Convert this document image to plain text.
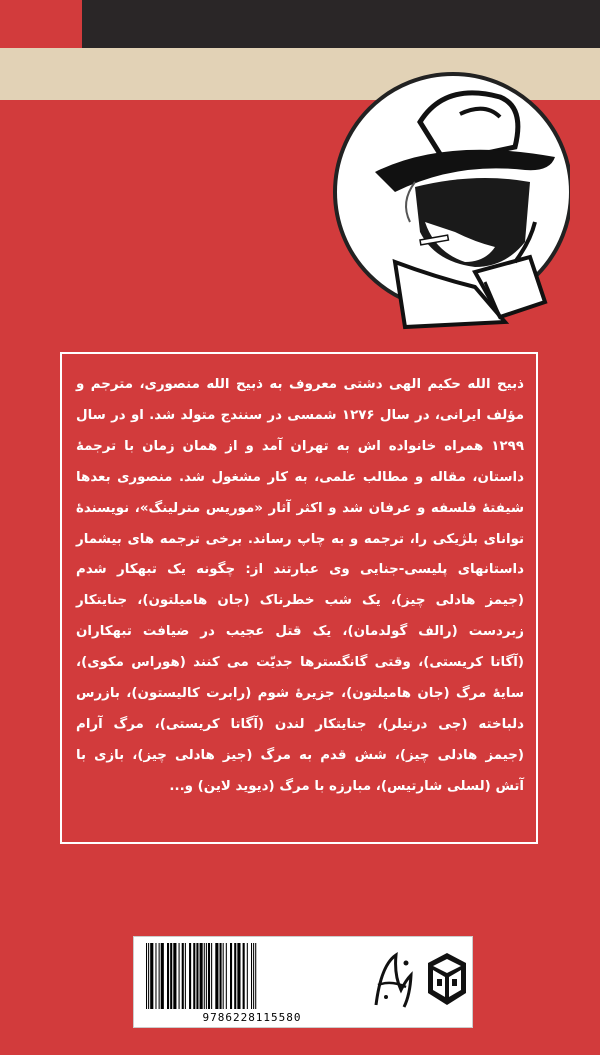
ذبیح الله حکیم الهی دشتی معروف به ذبیح الله منصوری، مترجم و
مؤلف ایرانی، در سال ۱۲۷۶ شمسی در سنندج متولد شد. او در سال
۱۲۹۹ همراه خانواده اش به تهران آمد و از همان زمان با ترجمهٔ
داستان، مقاله و مطالب علمی، به کار مشغول شد. منصوری بعدها
شیفتهٔ فلسفه و عرفان شد و اکثر آثار «موریس مترلینگ»، نویسندهٔ
توانای بلژیکی را، ترجمه و به چاپ رساند. برخی ترجمه های بیشمار
داستانهای پلیسی-جنایی وی عبارتند از: چگونه یک تبهکار شدم
(جیمز هادلی چیز)، یک شب خطرناک (جان هامیلتون)، جنایتکار
زبردست (رالف گولدمان)، یک قتل عجیب در ضیافت تبهکاران
(آگاتا کریستی)، وقتی گانگسترها جدیّت می کنند (هوراس مکوی)،
سایهٔ مرگ (جان هامیلتون)، جزیرهٔ شوم (رابرت کالیستون)، بازرس
دلباخته (جی درتیلر)، جنایتکار لندن (آگاتا کریستی)، مرگ آرام
(جیمز هادلی چیز)، شش قدم به مرگ (جیز هادلی چیز)، بازی با
آتش (لسلی شارتیس)، مبارزه با مرگ (دیوید لاین) و...
9786228115580
